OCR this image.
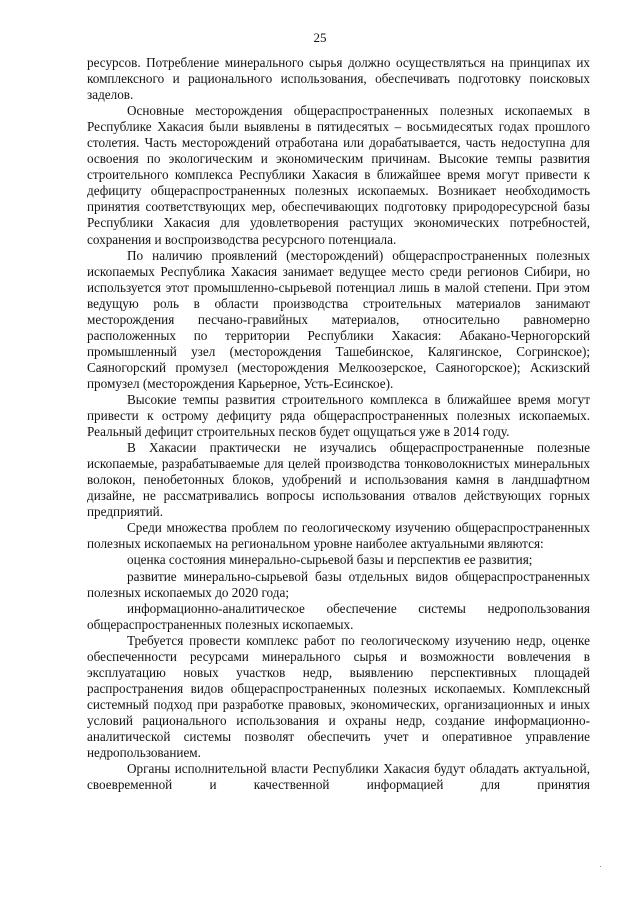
25

ресурсов. Потребление минерального сырья должно осуществляться на принципах их комплексного и рационального использования, обеспечивать подготовку поисковых заделов.

Основные месторождения общераспространенных полезных ископаемых в Республике Хакасия были выявлены в пятидесятых – восьмидесятых годах прошлого столетия. Часть месторождений отработана или дорабатывается, часть недоступна для освоения по экологическим и экономическим причинам. Высокие темпы развития строительного комплекса Республики Хакасия в ближайшее время могут привести к дефициту общераспространенных полезных ископаемых. Возникает необходимость принятия соответствующих мер, обеспечивающих подготовку природоресурсной базы Республики Хакасия для удовлетворения растущих экономических потребностей, сохранения и воспроизводства ресурсного потенциала.

По наличию проявлений (месторождений) общераспространенных полезных ископаемых Республика Хакасия занимает ведущее место среди регионов Сибири, но используется этот промышленно-сырьевой потенциал лишь в малой степени. При этом ведущую роль в области производства строительных материалов занимают месторождения песчано-гравийных материалов, относительно равномерно расположенных по территории Республики Хакасия: Абакано-Черногорский промышленный узел (месторождения Ташебинское, Калягинское, Согринское); Саяногорский промузел (месторождения Мелкоозерское, Саяногорское); Аскизский промузел (месторождения Карьерное, Усть-Есинское).

Высокие темпы развития строительного комплекса в ближайшее время могут привести к острому дефициту ряда общераспространенных полезных ископаемых. Реальный дефицит строительных песков будет ощущаться уже в 2014 году.

В Хакасии практически не изучались общераспространенные полезные ископаемые, разрабатываемые для целей производства тонковолокнистых минеральных волокон, пенобетонных блоков, удобрений и использования камня в ландшафтном дизайне, не рассматривались вопросы использования отвалов действующих горных предприятий.

Среди множества проблем по геологическому изучению общераспространенных полезных ископаемых на региональном уровне наиболее актуальными являются:

оценка состояния минерально-сырьевой базы и перспектив ее развития;

развитие минерально-сырьевой базы отдельных видов общераспространенных полезных ископаемых до 2020 года;

информационно-аналитическое обеспечение системы недропользования общераспространенных полезных ископаемых.

Требуется провести комплекс работ по геологическому изучению недр, оценке обеспеченности ресурсами минерального сырья и возможности вовлечения в эксплуатацию новых участков недр, выявлению перспективных площадей распространения видов общераспространенных полезных ископаемых. Комплексный системный подход при разработке правовых, экономических, организационных и иных условий рационального использования и охраны недр, создание информационно-аналитической системы позволят обеспечить учет и оперативное управление недропользованием.

Органы исполнительной власти Республики Хакасия будут обладать актуальной, своевременной и качественной информацией для принятия
